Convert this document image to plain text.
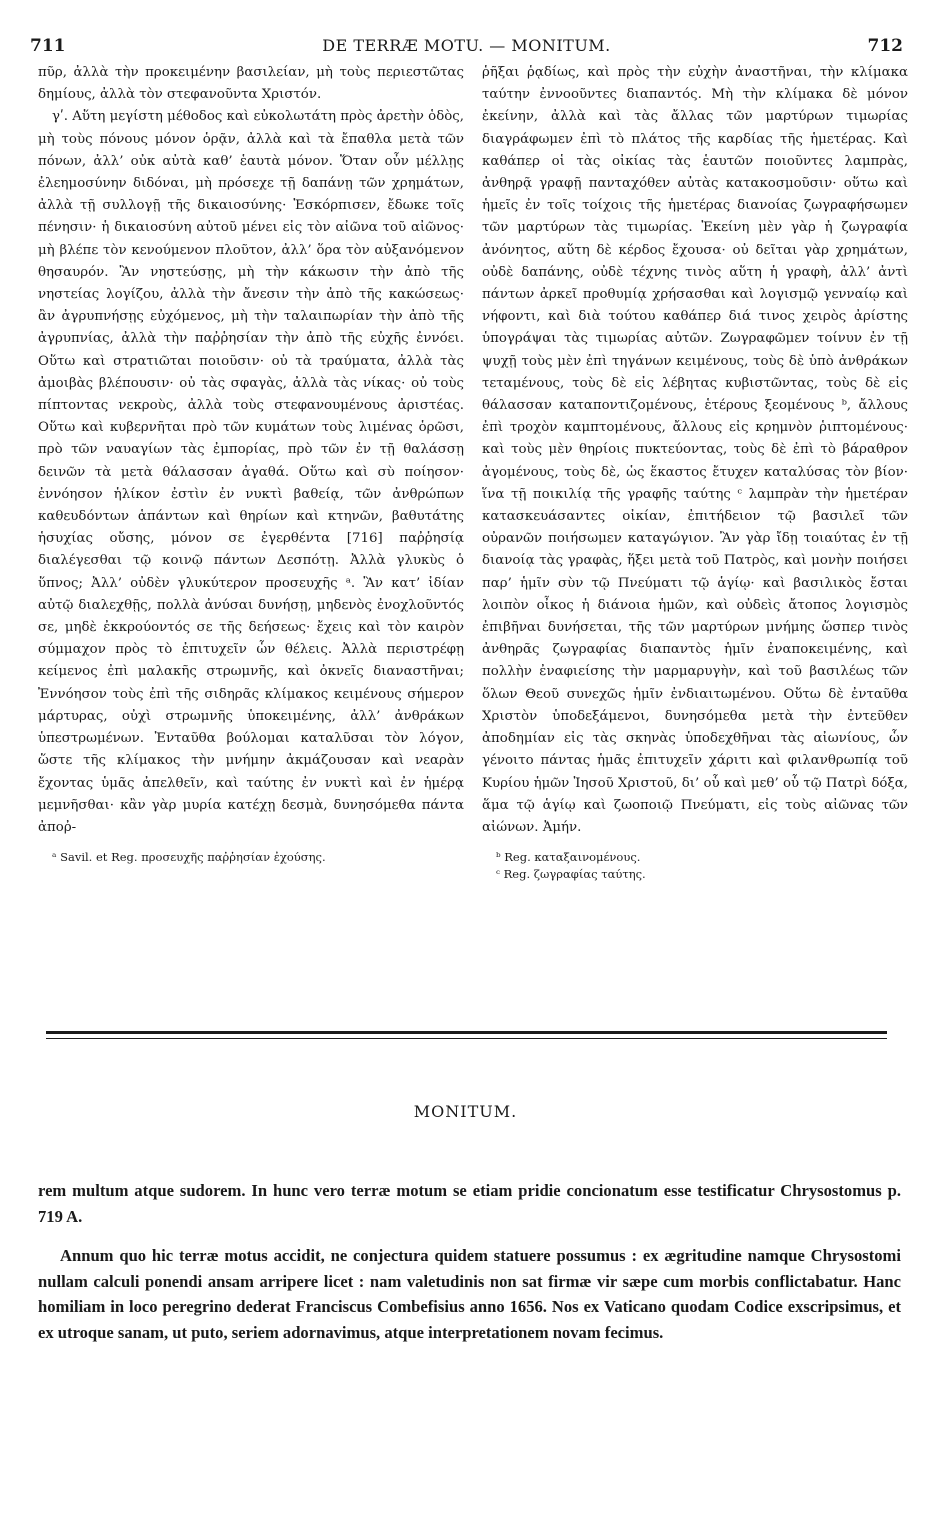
711	DE TERRÆ MOTU. — MONITUM.	712

πῦρ, ἀλλὰ τὴν προκειμένην βασιλείαν, μὴ τοὺς περιεστῶτας δημίους, ἀλλὰ τὸν στεφανοῦντα Χριστόν.

γʹ. Αὕτη μεγίστη μέθοδος καὶ εὐκολωτάτη πρὸς ἀρετὴν ὁδὸς, μὴ τοὺς πόνους μόνον ὁρᾷν, ἀλλὰ καὶ τὰ ἔπαθλα μετὰ τῶν πόνων, ἀλλ’ οὐκ αὐτὰ καθ’ ἑαυτὰ μόνον. Ὅταν οὖν μέλλῃς ἐλεημοσύνην διδόναι, μὴ πρόσεχε τῇ δαπάνῃ τῶν χρημάτων, ἀλλὰ τῇ συλλογῇ τῆς δικαιοσύνης· Ἐσκόρπισεν, ἔδωκε τοῖς πένησιν· ἡ δικαιοσύνη αὐτοῦ μένει εἰς τὸν αἰῶνα τοῦ αἰῶνος· μὴ βλέπε τὸν κενούμενον πλοῦτον, ἀλλ’ ὅρα τὸν αὐξανόμενον θησαυρόν. Ἂν νηστεύσῃς, μὴ τὴν κάκωσιν τὴν ἀπὸ τῆς νηστείας λογίζου, ἀλλὰ τὴν ἄνεσιν τὴν ἀπὸ τῆς κακώσεως· ἂν ἀγρυπνήσῃς εὐχόμενος, μὴ τὴν ταλαιπωρίαν τὴν ἀπὸ τῆς ἀγρυπνίας, ἀλλὰ τὴν παῤῥησίαν τὴν ἀπὸ τῆς εὐχῆς ἐννόει. Οὕτω καὶ στρατιῶται ποιοῦσιν· οὐ τὰ τραύματα, ἀλλὰ τὰς ἀμοιβὰς βλέπουσιν· οὐ τὰς σφαγὰς, ἀλλὰ τὰς νίκας· οὐ τοὺς πίπτοντας νεκροὺς, ἀλλὰ τοὺς στεφανουμένους ἀριστέας. Οὕτω καὶ κυβερνῆται πρὸ τῶν κυμάτων τοὺς λιμένας ὁρῶσι, πρὸ τῶν ναυαγίων τὰς ἐμπορίας, πρὸ τῶν ἐν τῇ θαλάσσῃ δεινῶν τὰ μετὰ θάλασσαν ἀγαθά. Οὕτω καὶ σὺ ποίησον· ἐννόησον ἡλίκον ἐστὶν ἐν νυκτὶ βαθείᾳ, τῶν ἀνθρώπων καθευδόντων ἁπάντων καὶ θηρίων καὶ κτηνῶν, βαθυτάτης ἡσυχίας οὔσης, μόνον σε ἐγερθέντα [716] παῤῥησίᾳ διαλέγεσθαι τῷ κοινῷ πάντων Δεσπότῃ. Ἀλλὰ γλυκὺς ὁ ὕπνος; Ἀλλ’ οὐδὲν γλυκύτερον προσευχῆς ᵃ. Ἂν κατ’ ἰδίαν αὐτῷ διαλεχθῇς, πολλὰ ἀνύσαι δυνήσῃ, μηδενὸς ἐνοχλοῦντός σε, μηδὲ ἐκκρούοντός σε τῆς δεήσεως· ἔχεις καὶ τὸν καιρὸν σύμμαχον πρὸς τὸ ἐπιτυχεῖν ὧν θέλεις. Ἀλλὰ περιστρέφῃ κείμενος ἐπὶ μαλακῆς στρωμνῆς, καὶ ὀκνεῖς διαναστῆναι; Ἐννόησον τοὺς ἐπὶ τῆς σιδηρᾶς κλίμακος κειμένους σήμερον μάρτυρας, οὐχὶ στρωμνῆς ὑποκειμένης, ἀλλ’ ἀνθράκων ὑπεστρωμένων. Ἐνταῦθα βούλομαι καταλῦσαι τὸν λόγον, ὥστε τῆς κλίμακος τὴν μνήμην ἀκμάζουσαν καὶ νεαρὰν ἔχοντας ὑμᾶς ἀπελθεῖν, καὶ ταύτης ἐν νυκτὶ καὶ ἐν ἡμέρᾳ μεμνῆσθαι· κἂν γὰρ μυρία κατέχῃ δεσμὰ, δυνησόμεθα πάντα ἀποῤ-

ᵃ Savil. et Reg. προσευχῆς παῤῥησίαν ἐχούσης.

ῥῆξαι ῥᾳδίως, καὶ πρὸς τὴν εὐχὴν ἀναστῆναι, τὴν κλίμακα ταύτην ἐννοοῦντες διαπαντός. Μὴ τὴν κλίμακα δὲ μόνον ἐκείνην, ἀλλὰ καὶ τὰς ἄλλας τῶν μαρτύρων τιμωρίας διαγράφωμεν ἐπὶ τὸ πλάτος τῆς καρδίας τῆς ἡμετέρας. Καὶ καθάπερ οἱ τὰς οἰκίας τὰς ἑαυτῶν ποιοῦντες λαμπρὰς, ἀνθηρᾷ γραφῇ πανταχόθεν αὐτὰς κατακοσμοῦσιν· οὕτω καὶ ἡμεῖς ἐν τοῖς τοίχοις τῆς ἡμετέρας διανοίας ζωγραφήσωμεν τῶν μαρτύρων τὰς τιμωρίας. Ἐκείνη μὲν γὰρ ἡ ζωγραφία ἀνόνητος, αὕτη δὲ κέρδος ἔχουσα· οὐ δεῖται γὰρ χρημάτων, οὐδὲ δαπάνης, οὐδὲ τέχνης τινὸς αὕτη ἡ γραφὴ, ἀλλ’ ἀντὶ πάντων ἀρκεῖ προθυμίᾳ χρήσασθαι καὶ λογισμῷ γενναίῳ καὶ νήφοντι, καὶ διὰ τούτου καθάπερ διά τινος χειρὸς ἀρίστης ὑπογράψαι τὰς τιμωρίας αὐτῶν. Ζωγραφῶμεν τοίνυν ἐν τῇ ψυχῇ τοὺς μὲν ἐπὶ τηγάνων κειμένους, τοὺς δὲ ὑπὸ ἀνθράκων τεταμένους, τοὺς δὲ εἰς λέβητας κυβιστῶντας, τοὺς δὲ εἰς θάλασσαν καταποντιζομένους, ἑτέρους ξεομένους ᵇ, ἄλλους ἐπὶ τροχὸν καμπτομένους, ἄλλους εἰς κρημνὸν ῥιπτομένους· καὶ τοὺς μὲν θηρίοις πυκτεύοντας, τοὺς δὲ ἐπὶ τὸ βάραθρον ἀγομένους, τοὺς δὲ, ὡς ἕκαστος ἔτυχεν καταλύσας τὸν βίον· ἵνα τῇ ποικιλίᾳ τῆς γραφῆς ταύτης ᶜ λαμπρὰν τὴν ἡμετέραν κατασκευάσαντες οἰκίαν, ἐπιτήδειον τῷ βασιλεῖ τῶν οὐρανῶν ποιήσωμεν καταγώγιον. Ἂν γὰρ ἴδῃ τοιαύτας ἐν τῇ διανοίᾳ τὰς γραφὰς, ἥξει μετὰ τοῦ Πατρὸς, καὶ μονὴν ποιήσει παρ’ ἡμῖν σὺν τῷ Πνεύματι τῷ ἁγίῳ· καὶ βασιλικὸς ἔσται λοιπὸν οἶκος ἡ διάνοια ἡμῶν, καὶ οὐδεὶς ἄτοπος λογισμὸς ἐπιβῆναι δυνήσεται, τῆς τῶν μαρτύρων μνήμης ὥσπερ τινὸς ἀνθηρᾶς ζωγραφίας διαπαντὸς ἡμῖν ἐναποκειμένης, καὶ πολλὴν ἐναφιείσης τὴν μαρμαρυγὴν, καὶ τοῦ βασιλέως τῶν ὅλων Θεοῦ συνεχῶς ἡμῖν ἐνδιαιτωμένου. Οὕτω δὲ ἐνταῦθα Χριστὸν ὑποδεξάμενοι, δυνησόμεθα μετὰ τὴν ἐντεῦθεν ἀποδημίαν εἰς τὰς σκηνὰς ὑποδεχθῆναι τὰς αἰωνίους, ὧν γένοιτο πάντας ἡμᾶς ἐπιτυχεῖν χάριτι καὶ φιλανθρωπίᾳ τοῦ Κυρίου ἡμῶν Ἰησοῦ Χριστοῦ, δι’ οὗ καὶ μεθ’ οὗ τῷ Πατρὶ δόξα, ἅμα τῷ ἁγίῳ καὶ ζωοποιῷ Πνεύματι, εἰς τοὺς αἰῶνας τῶν αἰώνων. Ἀμήν.

ᵇ Reg. καταξαινομένους.
ᶜ Reg. ζωγραφίας ταύτης.
MONITUM.

rem multum atque sudorem. In hunc vero terræ motum se etiam pridie concionatum esse testificatur Chrysostomus p. 719 A.

Annum quo hic terræ motus accidit, ne conjectura quidem statuere possumus : ex ægritudine namque Chrysostomi nullam calculi ponendi ansam arripere licet : nam valetudinis non sat firmæ vir sæpe cum morbis conflictabatur. Hanc homiliam in loco peregrino dederat Franciscus Combefisius anno 1656. Nos ex Vaticano quodam Codice exscripsimus, et ex utroque sanam, ut puto, seriem adornavimus, atque interpretationem novam fecimus.
